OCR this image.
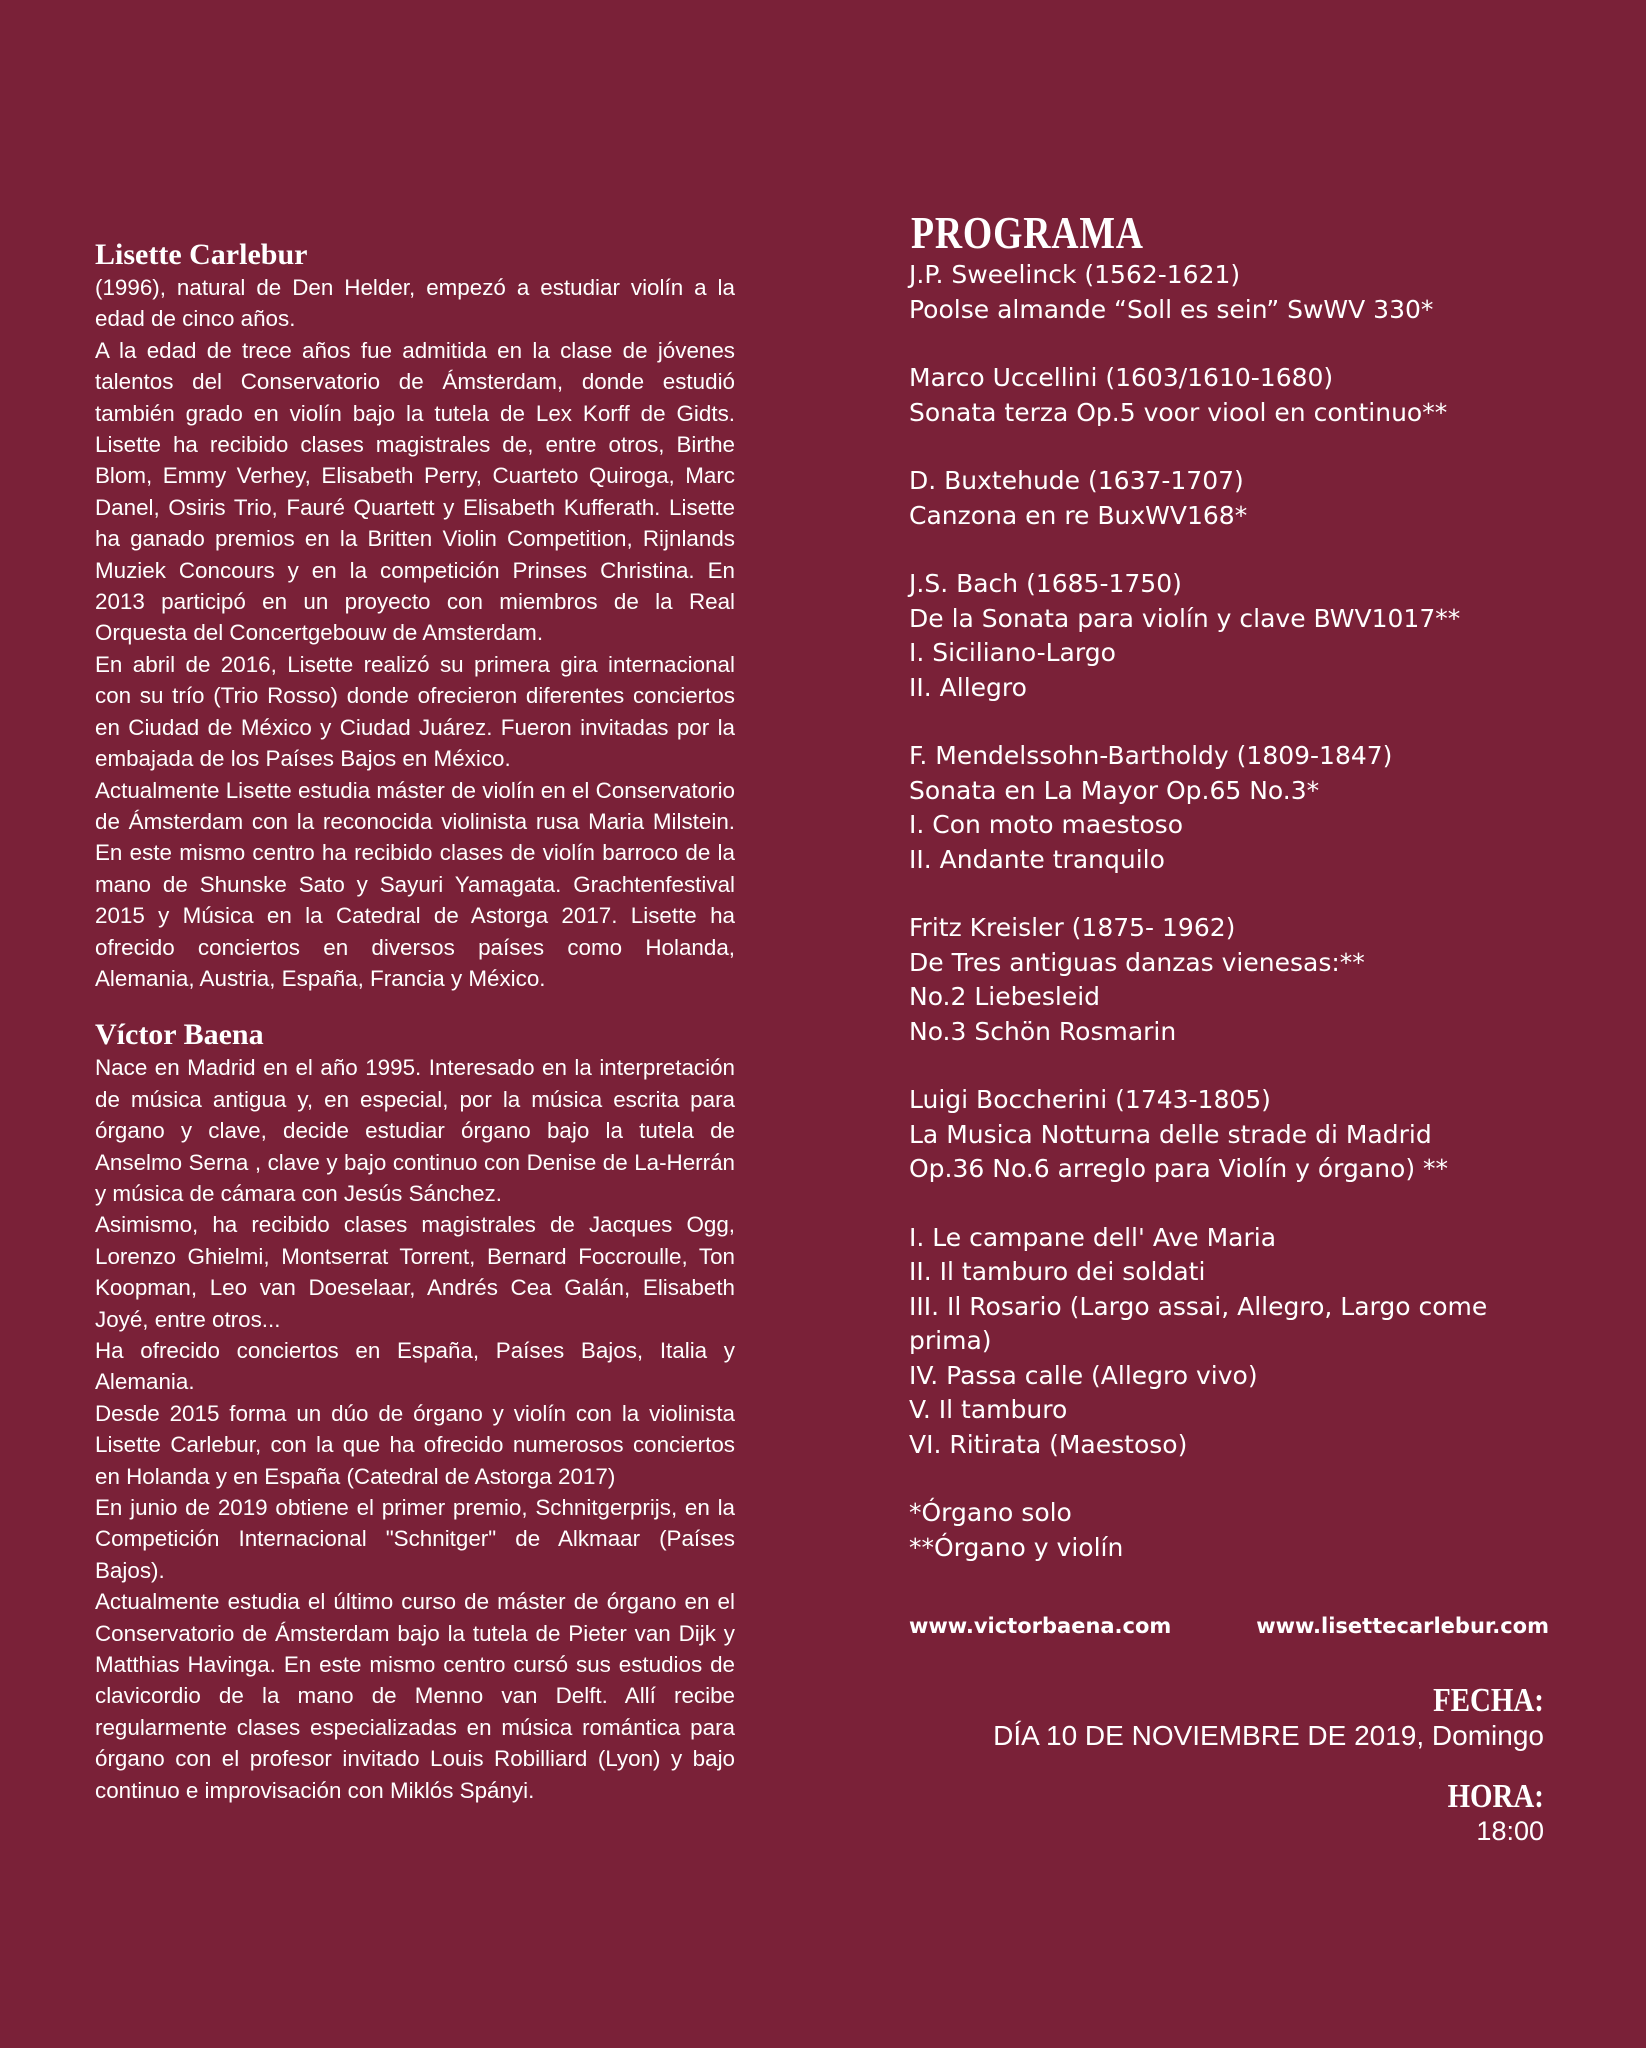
Lisette Carlebur

(1996), natural de Den Helder, empezó a estudiar violín a la edad de cinco años.

A la edad de trece años fue admitida en la clase de jóvenes talentos del Conservatorio de Ámsterdam, donde estudió también grado en violín bajo la tutela de Lex Korff de Gidts. Lisette ha recibido clases magistrales de, entre otros, Birthe Blom, Emmy Verhey, Elisabeth Perry, Cuarteto Quiroga, Marc Danel, Osiris Trio, Fauré Quartett y Elisabeth Kufferath. Lisette ha ganado premios en la Britten Violin Competition, Rijnlands Muziek Concours y en la competición Prinses Christina. En 2013 participó en un proyecto con miembros de la Real Orquesta del Concertgebouw de Amsterdam.

En abril de 2016, Lisette realizó su primera gira internacional con su trío (Trio Rosso) donde ofrecieron diferentes conciertos en Ciudad de México y Ciudad Juárez. Fueron invitadas por la embajada de los Países Bajos en México.

Actualmente Lisette estudia máster de violín en el Conservatorio de Ámsterdam con la reconocida violinista rusa Maria Milstein. En este mismo centro ha recibido clases de violín barroco de la mano de Shunske Sato y Sayuri Yamagata. Grachtenfestival 2015 y Música en la Catedral de Astorga 2017. Lisette ha ofrecido conciertos en diversos países como Holanda, Alemania, Austria, España, Francia y México.

Víctor Baena

Nace en Madrid en el año 1995. Interesado en la interpretación de música antigua y, en especial, por la música escrita para órgano y clave, decide estudiar órgano bajo la tutela de Anselmo Serna , clave y bajo continuo con Denise de La-Herrán y música de cámara con Jesús Sánchez.

Asimismo, ha recibido clases magistrales de Jacques Ogg, Lorenzo Ghielmi, Montserrat Torrent, Bernard Foccroulle, Ton Koopman, Leo van Doeselaar, Andrés Cea Galán, Elisabeth Joyé, entre otros...

Ha ofrecido conciertos en España, Países Bajos, Italia y Alemania.

Desde 2015 forma un dúo de órgano y violín con la violinista Lisette Carlebur, con la que ha ofrecido numerosos conciertos en Holanda y en España (Catedral de Astorga 2017)

En junio de 2019 obtiene el primer premio, Schnitgerprijs, en la Competición Internacional "Schnitger" de Alkmaar (Países Bajos).

Actualmente estudia el último curso de máster de órgano en el Conservatorio de Ámsterdam bajo la tutela de Pieter van Dijk y Matthias Havinga. En este mismo centro cursó sus estudios de clavicordio de la mano de Menno van Delft. Allí recibe regularmente clases especializadas en música romántica para órgano con el profesor invitado Louis Robilliard (Lyon) y bajo continuo e improvisación con Miklós Spányi.

PROGRAMA
J.P. Sweelinck (1562-1621)
Poolse almande “Soll es sein” SwWV 330*
Marco Uccellini (1603/1610-1680)
Sonata terza Op.5 voor viool en continuo**
D. Buxtehude (1637-1707)
Canzona en re BuxWV168*
J.S. Bach (1685-1750)
De la Sonata para violín y clave BWV1017**
I. Siciliano-Largo
II. Allegro
F. Mendelssohn-Bartholdy (1809-1847)
Sonata en La Mayor Op.65 No.3*
I. Con moto maestoso
II. Andante tranquilo
Fritz Kreisler (1875- 1962)
De Tres antiguas danzas vienesas:**
No.2 Liebesleid
No.3 Schön Rosmarin
Luigi Boccherini (1743-1805)
La Musica Notturna delle strade di Madrid
Op.36 No.6 arreglo para Violín y órgano) **
I. Le campane dell' Ave Maria
II. Il tamburo dei soldati
III. Il Rosario (Largo assai, Allegro, Largo come prima)
IV. Passa calle (Allegro vivo)
V. Il tamburo
VI. Ritirata (Maestoso)
*Órgano solo
**Órgano y violín
www.victorbaena.com	www.lisettecarlebur.com
FECHA:
DÍA 10 DE NOVIEMBRE DE 2019, Domingo
HORA:
18:00
